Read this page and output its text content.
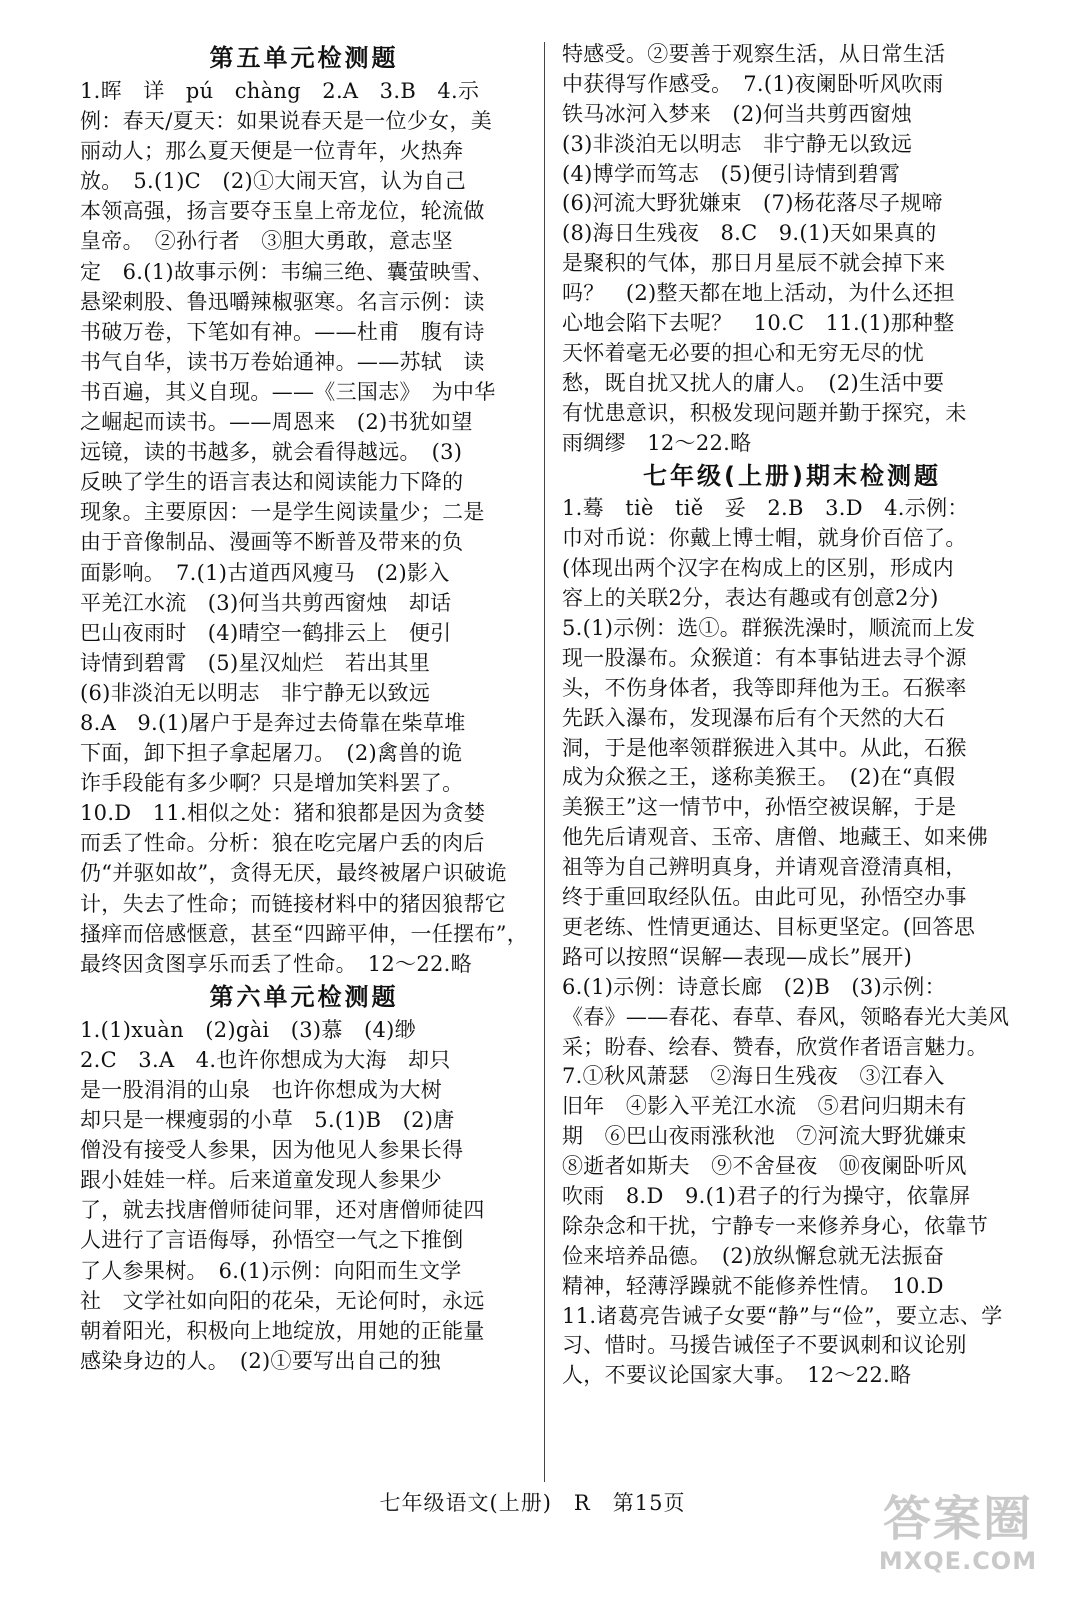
第五单元检测题
1.晖　详　pú　chàng　2.A　3.B　4.示
例：春天/夏天：如果说春天是一位少女，美
丽动人；那么夏天便是一位青年，火热奔
放。　5.(1)C　(2)①大闹天宫，认为自己
本领高强，扬言要夺玉皇上帝龙位，轮流做
皇帝。　②孙行者　③胆大勇敢，意志坚
定　6.(1)故事示例：韦编三绝、囊萤映雪、
悬梁刺股、鲁迅嚼辣椒驱寒。名言示例：读
书破万卷，下笔如有神。——杜甫　腹有诗
书气自华，读书万卷始通神。——苏轼　读
书百遍，其义自现。——《三国志》　为中华
之崛起而读书。——周恩来　(2)书犹如望
远镜，读的书越多，就会看得越远。　(3)
反映了学生的语言表达和阅读能力下降的
现象。主要原因：一是学生阅读量少；二是
由于音像制品、漫画等不断普及带来的负
面影响。　7.(1)古道西风瘦马　(2)影入
平羌江水流　(3)何当共剪西窗烛　却话
巴山夜雨时　(4)晴空一鹤排云上　便引
诗情到碧霄　(5)星汉灿烂　若出其里
(6)非淡泊无以明志　非宁静无以致远
8.A　9.(1)屠户于是奔过去倚靠在柴草堆
下面，卸下担子拿起屠刀。　(2)禽兽的诡
诈手段能有多少啊？只是增加笑料罢了。
10.D　11.相似之处：猪和狼都是因为贪婪
而丢了性命。分析：狼在吃完屠户丢的肉后
仍“并驱如故”，贪得无厌，最终被屠户识破诡
计，失去了性命；而链接材料中的猪因狼帮它
搔痒而倍感惬意，甚至“四蹄平伸，一任摆布”，
最终因贪图享乐而丢了性命。　12～22.略
第六单元检测题
1.(1)xuàn　(2)gài　(3)慕　(4)缈
2.C　3.A　4.也许你想成为大海　却只
是一股涓涓的山泉　也许你想成为大树
却只是一棵瘦弱的小草　5.(1)B　(2)唐
僧没有接受人参果，因为他见人参果长得
跟小娃娃一样。后来道童发现人参果少
了，就去找唐僧师徒问罪，还对唐僧师徒四
人进行了言语侮辱，孙悟空一气之下推倒
了人参果树。　6.(1)示例：向阳而生文学
社　文学社如向阳的花朵，无论何时，永远
朝着阳光，积极向上地绽放，用她的正能量
感染身边的人。　(2)①要写出自己的独
特感受。②要善于观察生活，从日常生活
中获得写作感受。　7.(1)夜阑卧听风吹雨
铁马冰河入梦来　(2)何当共剪西窗烛
(3)非淡泊无以明志　非宁静无以致远
(4)博学而笃志　(5)便引诗情到碧霄
(6)河流大野犹嫌束　(7)杨花落尽子规啼
(8)海日生残夜　8.C　9.(1)天如果真的
是聚积的气体，那日月星辰不就会掉下来
吗？　(2)整天都在地上活动，为什么还担
心地会陷下去呢？　10.C　11.(1)那种整
天怀着毫无必要的担心和无穷无尽的忧
愁，既自扰又扰人的庸人。　(2)生活中要
有忧患意识，积极发现问题并勤于探究，未
雨绸缪　12～22.略
七年级(上册)期末检测题
1.蓦　tiè　tiě　妥　2.B　3.D　4.示例：
巾对币说：你戴上博士帽，就身价百倍了。
(体现出两个汉字在构成上的区别，形成内
容上的关联2分，表达有趣或有创意2分)
5.(1)示例：选①。群猴洗澡时，顺流而上发
现一股瀑布。众猴道：有本事钻进去寻个源
头，不伤身体者，我等即拜他为王。石猴率
先跃入瀑布，发现瀑布后有个天然的大石
洞，于是他率领群猴进入其中。从此，石猴
成为众猴之王，遂称美猴王。　(2)在“真假
美猴王”这一情节中，孙悟空被误解，于是
他先后请观音、玉帝、唐僧、地藏王、如来佛
祖等为自己辨明真身，并请观音澄清真相，
终于重回取经队伍。由此可见，孙悟空办事
更老练、性情更通达、目标更坚定。(回答思
路可以按照“误解—表现—成长”展开)
6.(1)示例：诗意长廊　(2)B　(3)示例：
《春》——春花、春草、春风，领略春光大美风
采；盼春、绘春、赞春，欣赏作者语言魅力。
7.①秋风萧瑟　②海日生残夜　③江春入
旧年　④影入平羌江水流　⑤君问归期未有
期　⑥巴山夜雨涨秋池　⑦河流大野犹嫌束
⑧逝者如斯夫　⑨不舍昼夜　⑩夜阑卧听风
吹雨　8.D　9.(1)君子的行为操守，依靠屏
除杂念和干扰，宁静专一来修养身心，依靠节
俭来培养品德。　(2)放纵懈怠就无法振奋
精神，轻薄浮躁就不能修养性情。　10.D
11.诸葛亮告诫子女要“静”与“俭”，要立志、学
习、惜时。马援告诫侄子不要讽刺和议论别
人，不要议论国家大事。　12～22.略
七年级语文(上册)　R　第15页	答案圈
MXQE.COM
